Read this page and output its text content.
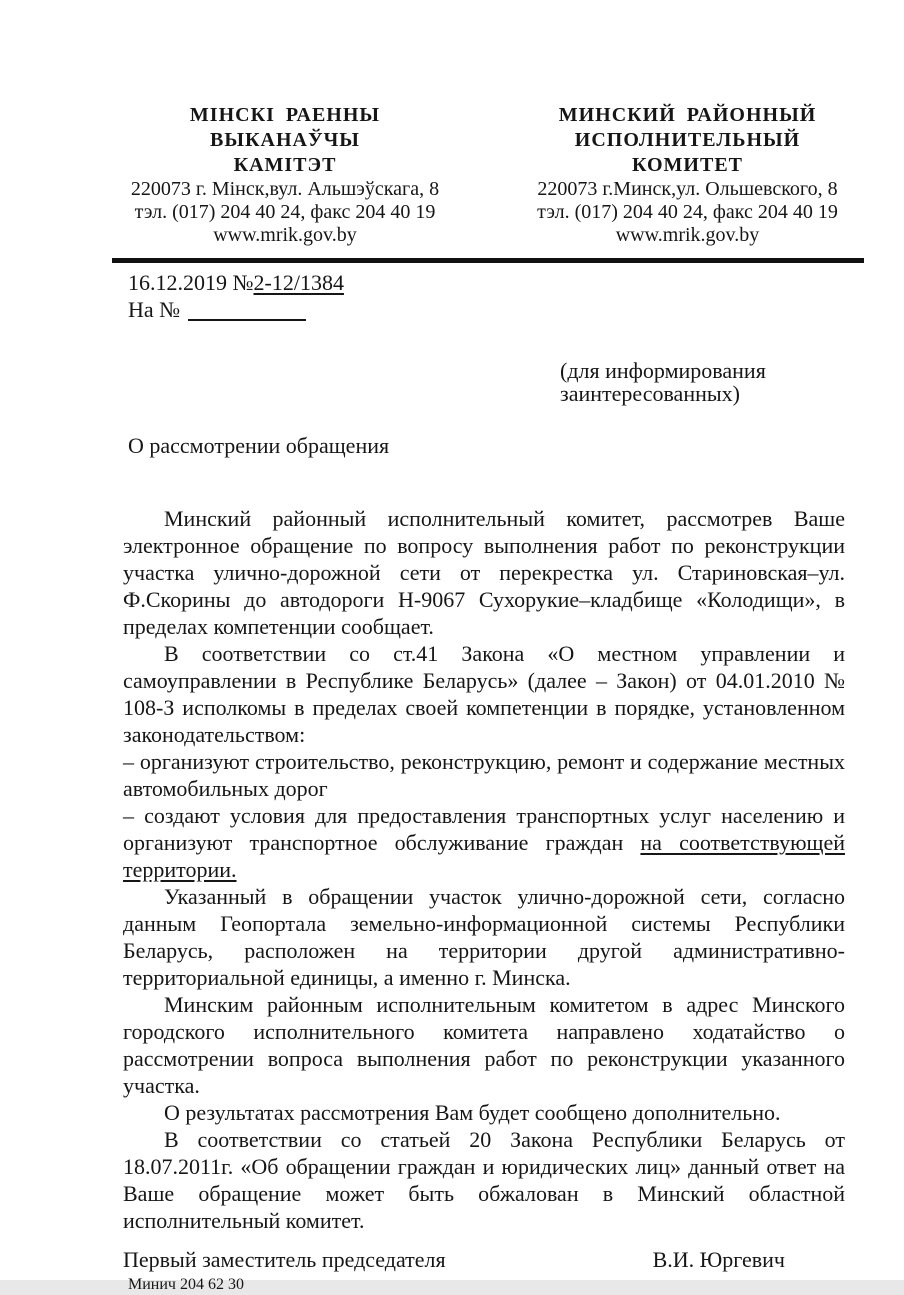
МІНСКІ РАЕННЫ ВЫКАНАЎЧЫ
КАМІТЭТ
220073 г. Мінск,вул. Альшэўскага, 8
тэл. (017) 204 40 24, факс 204 40 19
www.mrik.gov.by
МИНСКИЙ РАЙОННЫЙ
ИСПОЛНИТЕЛЬНЫЙ КОМИТЕТ
220073 г.Минск,ул. Ольшевского, 8
тэл. (017) 204 40 24, факс 204 40 19
www.mrik.gov.by
16.12.2019 №2-12/1384
На №
(для информирования
заинтересованных)
О рассмотрении обращения

Минский районный исполнительный комитет, рассмотрев Ваше электронное обращение по вопросу выполнения работ по реконструкции участка улично-дорожной сети от перекрестка ул. Стариновская–ул. Ф.Скорины до автодороги Н-9067 Сухорукие–кладбище «Колодищи», в пределах компетенции сообщает.

В соответствии со ст.41 Закона «О местном управлении и самоуправлении в Республике Беларусь» (далее – Закон) от 04.01.2010 № 108-З исполкомы в пределах своей компетенции в порядке, установленном законодательством:

– организуют строительство, реконструкцию, ремонт и содержание местных автомобильных дорог

– создают условия для предоставления транспортных услуг населению и организуют транспортное обслуживание граждан на соответствующей территории.

Указанный в обращении участок улично-дорожной сети, согласно данным Геопортала земельно-информационной системы Республики Беларусь, расположен на территории другой административно-территориальной единицы, а именно г. Минска.

Минским районным исполнительным комитетом в адрес Минского городского исполнительного комитета направлено ходатайство о рассмотрении вопроса выполнения работ по реконструкции указанного участка.

О результатах рассмотрения Вам будет сообщено дополнительно.

В соответствии со статьей 20 Закона Республики Беларусь от 18.07.2011г. «Об обращении граждан и юридических лиц» данный ответ на Ваше обращение может быть обжалован в Минский областной исполнительный комитет.

Первый заместитель председателя	В.И. Юргевич
Минич 204 62 30
